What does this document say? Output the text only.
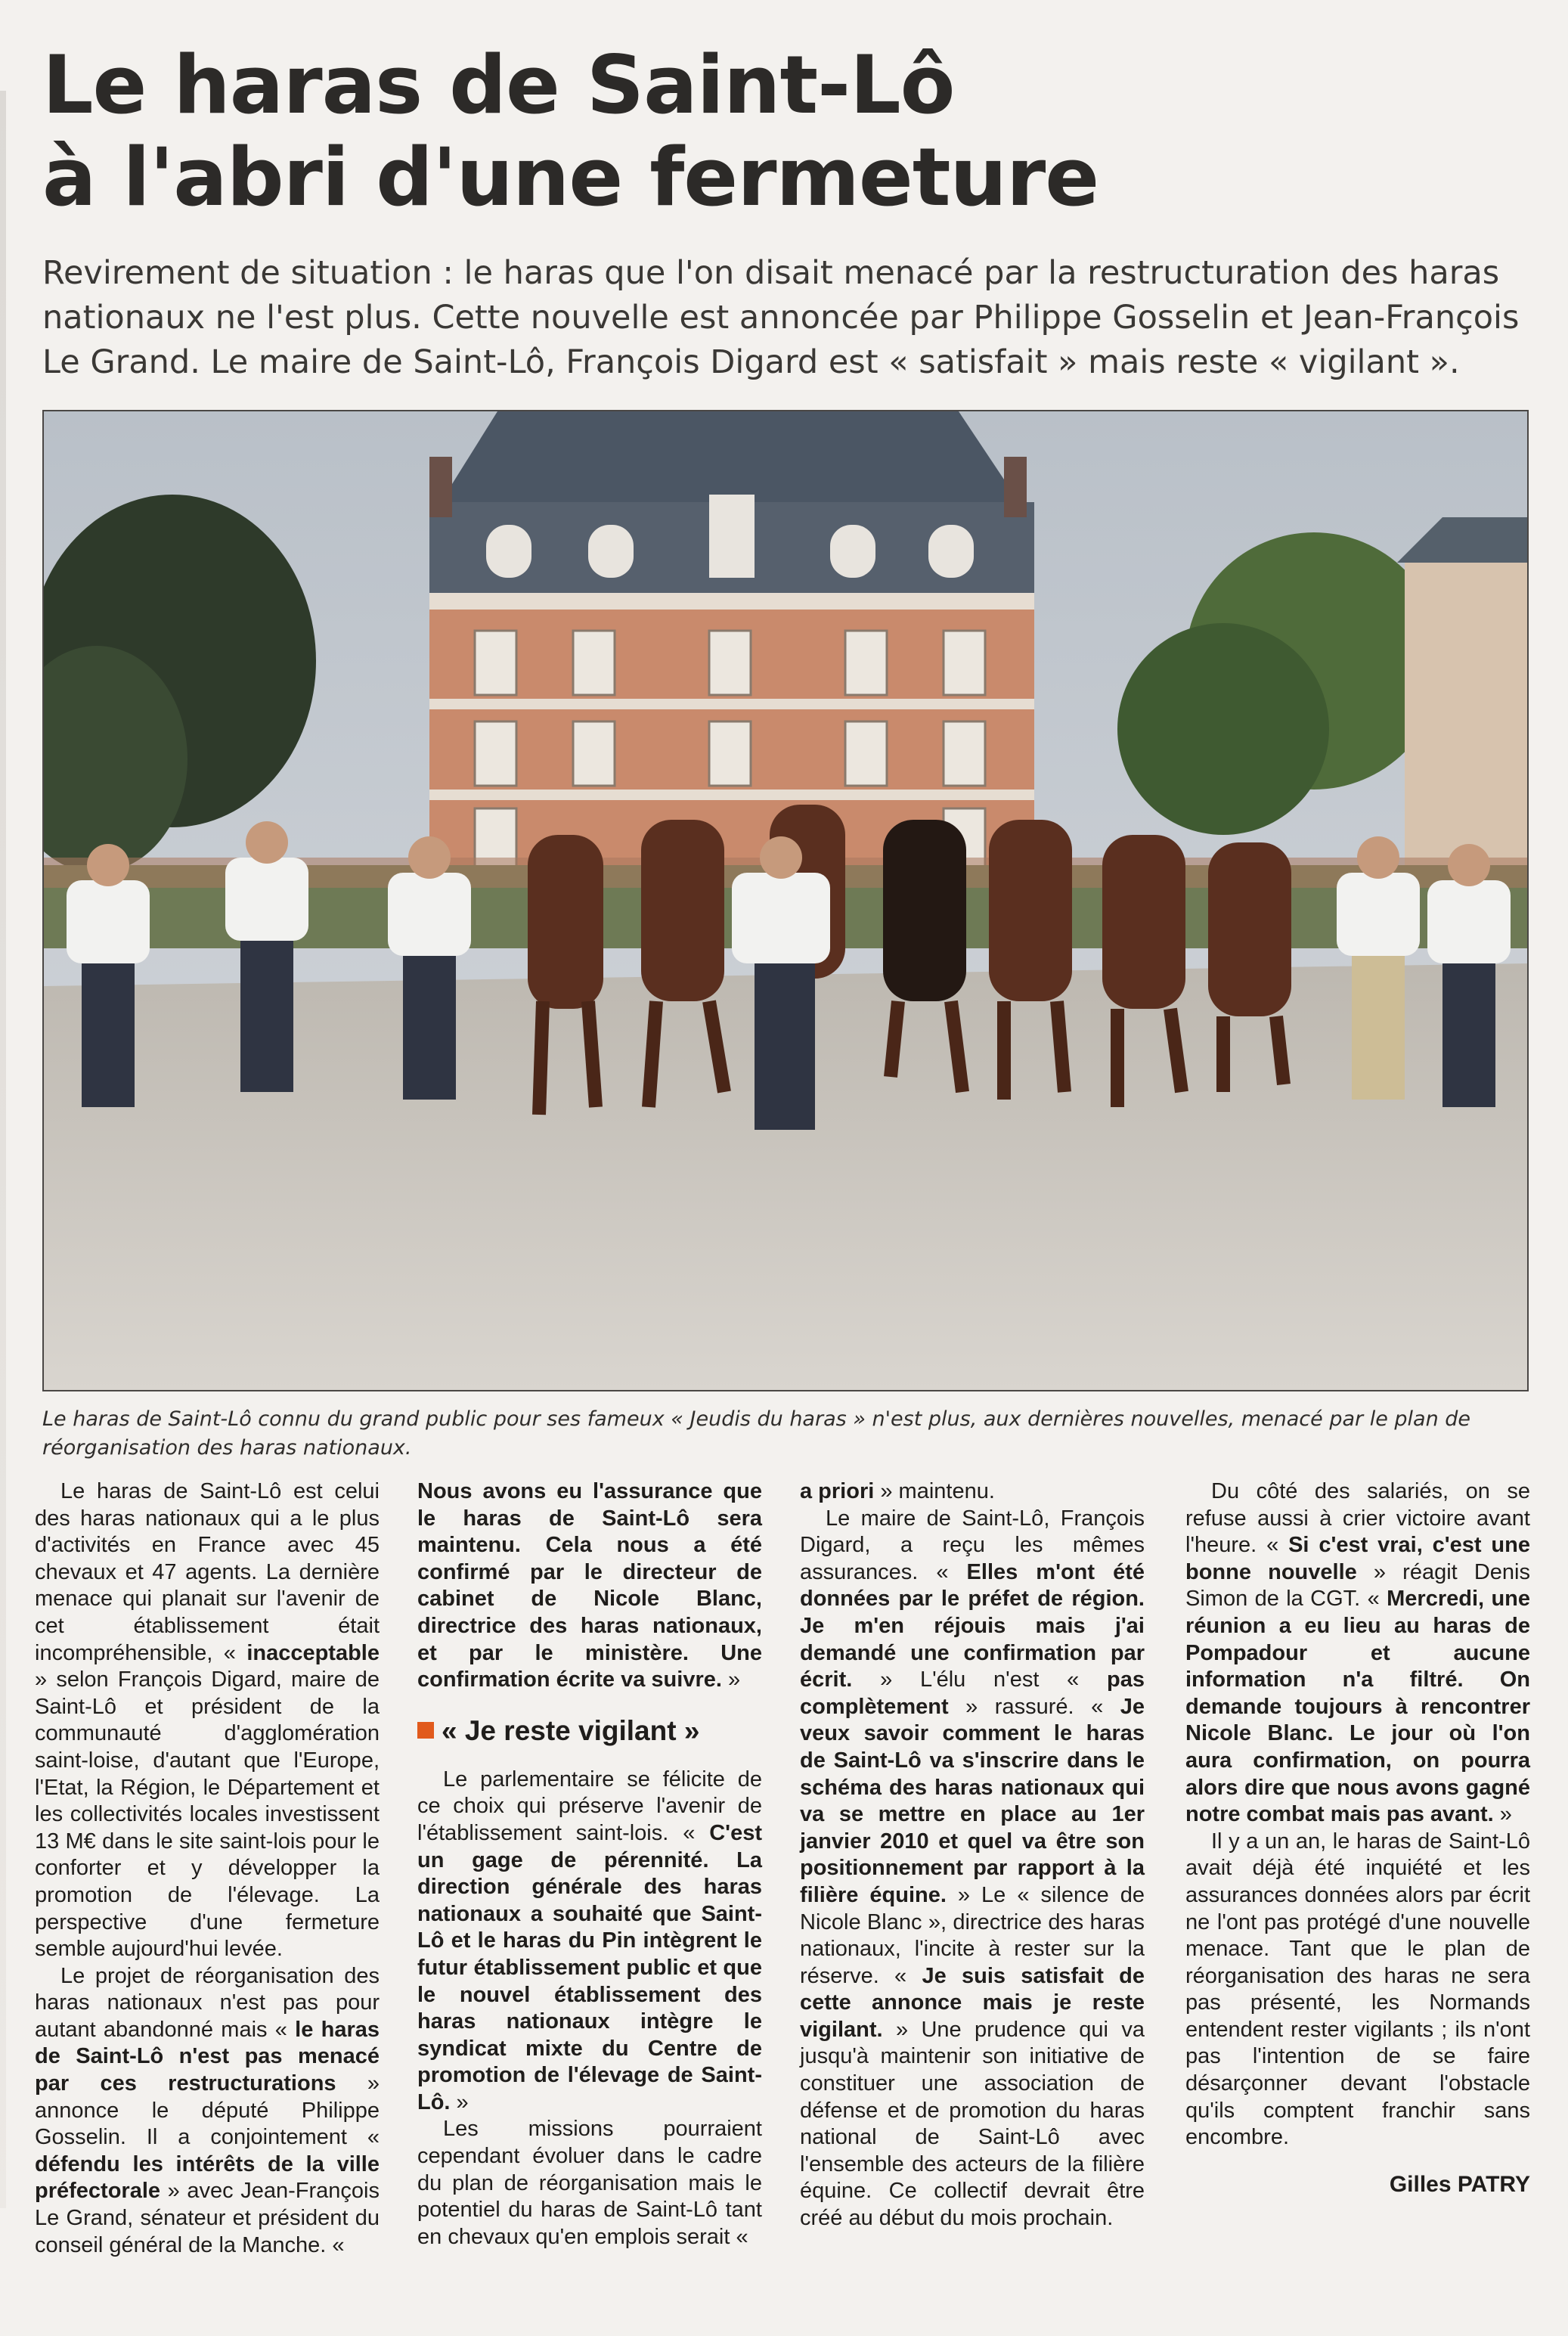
Le haras de Saint-Lô
à l'abri d'une fermeture

Revirement de situation : le haras que l'on disait menacé par la restructuration des haras nationaux ne l'est plus. Cette nouvelle est annoncée par Philippe Gosselin et Jean-François Le Grand. Le maire de Saint-Lô, François Digard est « satisfait » mais reste « vigilant ».

Le haras de Saint-Lô connu du grand public pour ses fameux « Jeudis du haras » n'est plus, aux dernières nouvelles, menacé par le plan de réorganisation des haras nationaux.

Le haras de Saint-Lô est celui des haras nationaux qui a le plus d'activités en France avec 45 chevaux et 47 agents. La dernière menace qui planait sur l'avenir de cet établissement était incompréhensible, « inacceptable » selon François Digard, maire de Saint-Lô et président de la communauté d'agglomération saint-loise, d'autant que l'Europe, l'Etat, la Région, le Département et les collectivités locales investissent 13 M€ dans le site saint-lois pour le conforter et y développer la promotion de l'élevage. La perspective d'une fermeture semble aujourd'hui levée.

Le projet de réorganisation des haras nationaux n'est pas pour autant abandonné mais « le haras de Saint-Lô n'est pas menacé par ces restructurations » annonce le député Philippe Gosselin. Il a conjointement « défendu les intérêts de la ville préfectorale » avec Jean-François Le Grand, sénateur et président du conseil général de la Manche. «

Nous avons eu l'assurance que le haras de Saint-Lô sera maintenu. Cela nous a été confirmé par le directeur de cabinet de Nicole Blanc, directrice des haras nationaux, et par le ministère. Une confirmation écrite va suivre. »

« Je reste vigilant »

Le parlementaire se félicite de ce choix qui préserve l'avenir de l'établissement saint-lois. « C'est un gage de pérennité. La direction générale des haras nationaux a souhaité que Saint-Lô et le haras du Pin intègrent le futur établissement public et que le nouvel établissement des haras nationaux intègre le syndicat mixte du Centre de promotion de l'élevage de Saint-Lô. »

Les missions pourraient cependant évoluer dans le cadre du plan de réorganisation mais le potentiel du haras de Saint-Lô tant en chevaux qu'en emplois serait «

a priori » maintenu.

Le maire de Saint-Lô, François Digard, a reçu les mêmes assurances. « Elles m'ont été données par le préfet de région. Je m'en réjouis mais j'ai demandé une confirmation par écrit. » L'élu n'est « pas complètement » rassuré. « Je veux savoir comment le haras de Saint-Lô va s'inscrire dans le schéma des haras nationaux qui va se mettre en place au 1er janvier 2010 et quel va être son positionnement par rapport à la filière équine. » Le « silence de Nicole Blanc », directrice des haras nationaux, l'incite à rester sur la réserve. « Je suis satisfait de cette annonce mais je reste vigilant. » Une prudence qui va jusqu'à maintenir son initiative de constituer une association de défense et de promotion du haras national de Saint-Lô avec l'ensemble des acteurs de la filière équine. Ce collectif devrait être créé au début du mois prochain.

Du côté des salariés, on se refuse aussi à crier victoire avant l'heure. « Si c'est vrai, c'est une bonne nouvelle » réagit Denis Simon de la CGT. « Mercredi, une réunion a eu lieu au haras de Pompadour et aucune information n'a filtré. On demande toujours à rencontrer Nicole Blanc. Le jour où l'on aura confirmation, on pourra alors dire que nous avons gagné notre combat mais pas avant. »

Il y a un an, le haras de Saint-Lô avait déjà été inquiété et les assurances données alors par écrit ne l'ont pas protégé d'une nouvelle menace. Tant que le plan de réorganisation des haras ne sera pas présenté, les Normands entendent rester vigilants ; ils n'ont pas l'intention de se faire désarçonner devant l'obstacle qu'ils comptent franchir sans encombre.

Gilles PATRY
